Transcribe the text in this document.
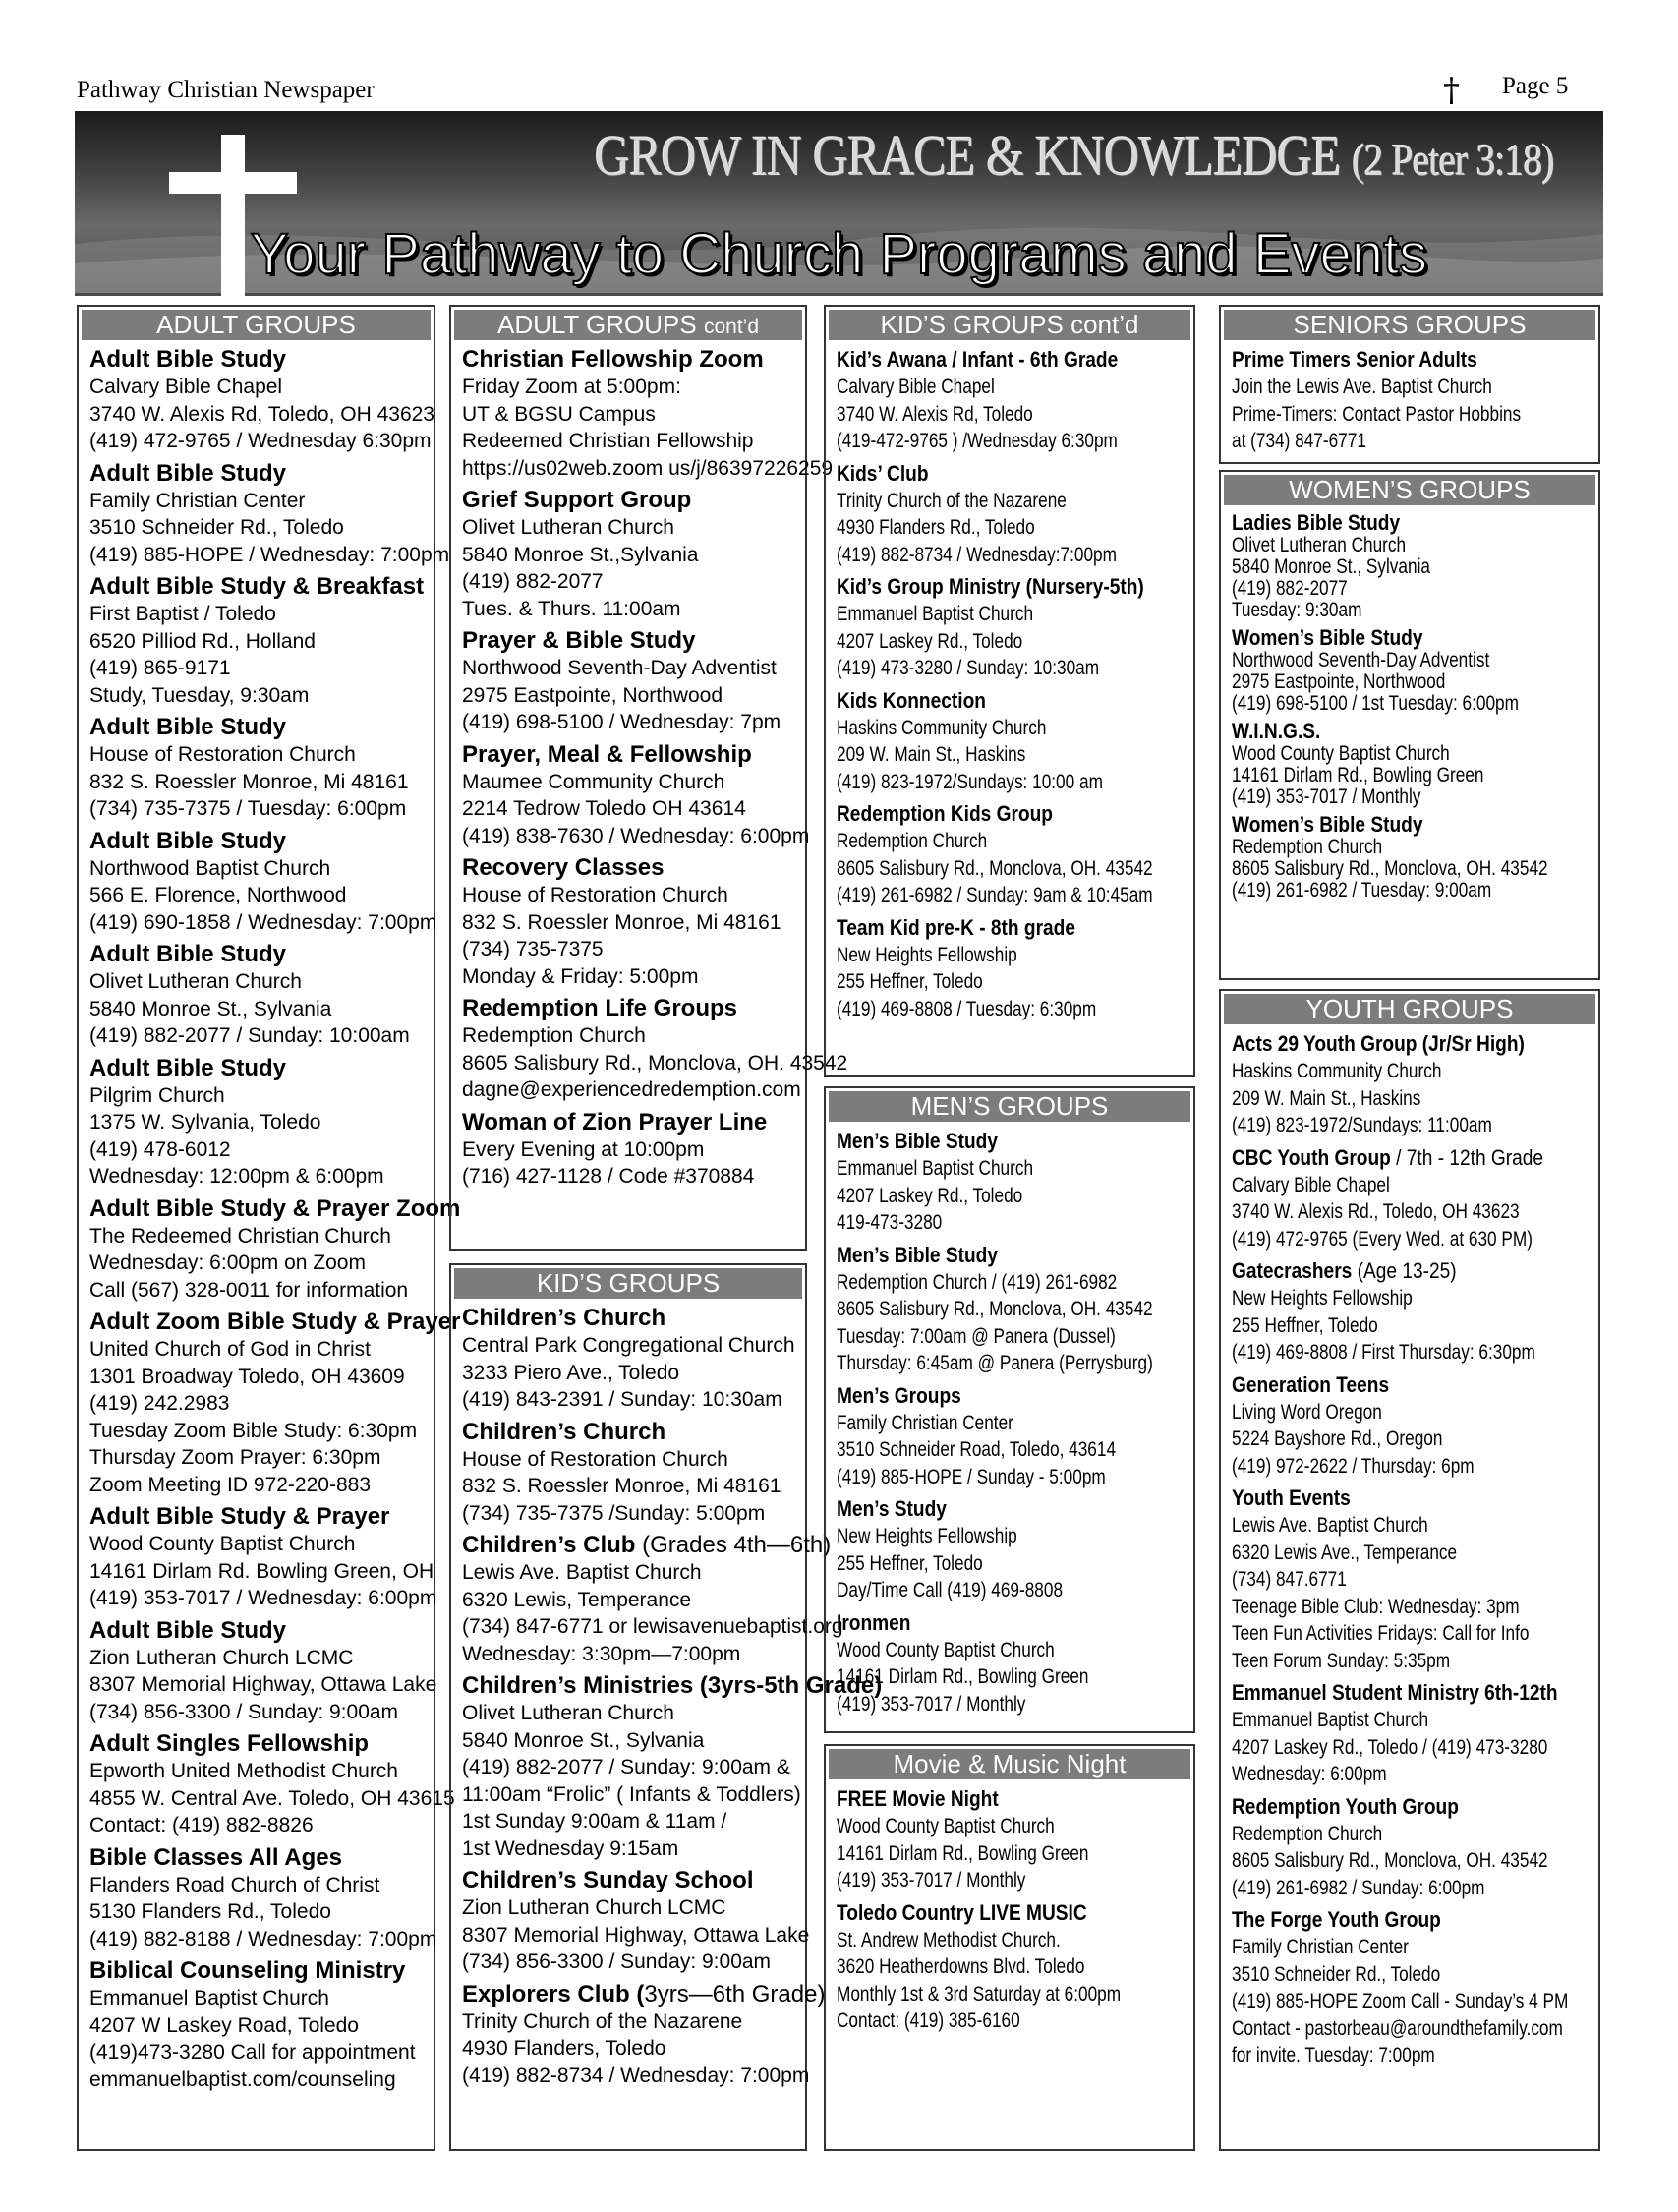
Pathway Christian Newspaper	† Page 5
GROW IN GRACE & KNOWLEDGE (2 Peter 3:18)
Your Pathway to Church Programs and Events
ADULT GROUPS
Adult Bible Study
Calvary Bible Chapel
3740 W. Alexis Rd, Toledo, OH 43623
(419) 472-9765 / Wednesday 6:30pm
Adult Bible Study
Family Christian Center
3510 Schneider Rd., Toledo
(419) 885-HOPE / Wednesday: 7:00pm
Adult Bible Study & Breakfast
First Baptist / Toledo
6520 Pilliod Rd., Holland
(419) 865-9171
Study, Tuesday, 9:30am
Adult Bible Study
House of Restoration Church
832 S. Roessler Monroe, Mi 48161
(734) 735-7375 / Tuesday: 6:00pm
Adult Bible Study
Northwood Baptist Church
566 E. Florence, Northwood
(419) 690-1858 / Wednesday: 7:00pm
Adult Bible Study
Olivet Lutheran Church
5840 Monroe St., Sylvania
(419) 882-2077 / Sunday: 10:00am
Adult Bible Study
Pilgrim Church
1375 W. Sylvania, Toledo
(419) 478-6012
Wednesday: 12:00pm & 6:00pm
Adult Bible Study & Prayer Zoom
The Redeemed Christian Church
Wednesday: 6:00pm on Zoom
Call (567) 328-0011 for information
Adult Zoom Bible Study & Prayer
United Church of God in Christ
1301 Broadway Toledo, OH 43609
(419) 242.2983
Tuesday Zoom Bible Study: 6:30pm
Thursday Zoom Prayer: 6:30pm
Zoom Meeting ID 972-220-883
Adult Bible Study & Prayer
Wood County Baptist Church
14161 Dirlam Rd. Bowling Green, OH
(419) 353-7017 / Wednesday: 6:00pm
Adult Bible Study
Zion Lutheran Church LCMC
8307 Memorial Highway, Ottawa Lake
(734) 856-3300 / Sunday: 9:00am
Adult Singles Fellowship
Epworth United Methodist Church
4855 W. Central Ave. Toledo, OH 43615
Contact: (419) 882-8826
Bible Classes All Ages
Flanders Road Church of Christ
5130 Flanders Rd., Toledo
(419) 882-8188 / Wednesday: 7:00pm
Biblical Counseling Ministry
Emmanuel Baptist Church
4207 W Laskey Road, Toledo
(419)473-3280 Call for appointment
emmanuelbaptist.com/counseling
ADULT GROUPS cont’d
Christian Fellowship Zoom
Friday Zoom at 5:00pm:
UT & BGSU Campus
Redeemed Christian Fellowship
https://us02web.zoom us/j/86397226259
Grief Support Group
Olivet Lutheran Church
5840 Monroe St.,Sylvania
(419) 882-2077
Tues. & Thurs. 11:00am
Prayer & Bible Study
Northwood Seventh-Day Adventist
2975 Eastpointe, Northwood
(419) 698-5100 / Wednesday: 7pm
Prayer, Meal & Fellowship
Maumee Community Church
2214 Tedrow Toledo OH 43614
(419) 838-7630 / Wednesday: 6:00pm
Recovery Classes
House of Restoration Church
832 S. Roessler Monroe, Mi 48161
(734) 735-7375
Monday & Friday: 5:00pm
Redemption Life Groups
Redemption Church
8605 Salisbury Rd., Monclova, OH. 43542
dagne@experiencedredemption.com
Woman of Zion Prayer Line
Every Evening at 10:00pm
(716) 427-1128 / Code #370884
KID’S GROUPS
Children’s Church
Central Park Congregational Church
3233 Piero Ave., Toledo
(419) 843-2391 / Sunday: 10:30am
Children’s Church
House of Restoration Church
832 S. Roessler Monroe, Mi 48161
(734) 735-7375 /Sunday: 5:00pm
Children’s Club (Grades 4th—6th)
Lewis Ave. Baptist Church
6320 Lewis, Temperance
(734) 847-6771 or lewisavenuebaptist.org
Wednesday: 3:30pm—7:00pm
Children’s Ministries (3yrs-5th Grade)
Olivet Lutheran Church
5840 Monroe St., Sylvania
(419) 882-2077 / Sunday: 9:00am &
11:00am “Frolic” ( Infants & Toddlers)
1st Sunday 9:00am & 11am /
1st Wednesday 9:15am
Children’s Sunday School
Zion Lutheran Church LCMC
8307 Memorial Highway, Ottawa Lake
(734) 856-3300 / Sunday: 9:00am
Explorers Club (3yrs—6th Grade)
Trinity Church of the Nazarene
4930 Flanders, Toledo
(419) 882-8734 / Wednesday: 7:00pm
KID’S GROUPS cont’d
Kid’s Awana / Infant - 6th Grade
Calvary Bible Chapel
3740 W. Alexis Rd, Toledo
(419-472-9765 ) /Wednesday 6:30pm
Kids’ Club
Trinity Church of the Nazarene
4930 Flanders Rd., Toledo
(419) 882-8734 / Wednesday:7:00pm
Kid’s Group Ministry (Nursery-5th)
Emmanuel Baptist Church
4207 Laskey Rd., Toledo
(419) 473-3280 / Sunday: 10:30am
Kids Konnection
Haskins Community Church
209 W. Main St., Haskins
(419) 823-1972/Sundays: 10:00 am
Redemption Kids Group
Redemption Church
8605 Salisbury Rd., Monclova, OH. 43542
(419) 261-6982 / Sunday: 9am & 10:45am
Team Kid pre-K - 8th grade
New Heights Fellowship
255 Heffner, Toledo
(419) 469-8808 / Tuesday: 6:30pm
MEN’S GROUPS
Men’s Bible Study
Emmanuel Baptist Church
4207 Laskey Rd., Toledo
419-473-3280
Men’s Bible Study
Redemption Church / (419) 261-6982
8605 Salisbury Rd., Monclova, OH. 43542
Tuesday: 7:00am @ Panera (Dussel)
Thursday: 6:45am @ Panera (Perrysburg)
Men’s Groups
Family Christian Center
3510 Schneider Road, Toledo, 43614
(419) 885-HOPE / Sunday - 5:00pm
Men’s Study
New Heights Fellowship
255 Heffner, Toledo
Day/Time Call (419) 469-8808
Ironmen
Wood County Baptist Church
14161 Dirlam Rd., Bowling Green
(419) 353-7017 / Monthly
Movie & Music Night
FREE Movie Night
Wood County Baptist Church
14161 Dirlam Rd., Bowling Green
(419) 353-7017 / Monthly
Toledo Country LIVE MUSIC
St. Andrew Methodist Church.
3620 Heatherdowns Blvd. Toledo
Monthly 1st & 3rd Saturday at 6:00pm
Contact: (419) 385-6160
SENIORS GROUPS
Prime Timers Senior Adults
Join the Lewis Ave. Baptist Church
Prime-Timers: Contact Pastor Hobbins
at (734) 847-6771
WOMEN’S GROUPS
Ladies Bible Study
Olivet Lutheran Church
5840 Monroe St., Sylvania
(419) 882-2077
Tuesday: 9:30am
Women’s Bible Study
Northwood Seventh-Day Adventist
2975 Eastpointe, Northwood
(419) 698-5100 / 1st Tuesday: 6:00pm
W.I.N.G.S.
Wood County Baptist Church
14161 Dirlam Rd., Bowling Green
(419) 353-7017 / Monthly
Women’s Bible Study
Redemption Church
8605 Salisbury Rd., Monclova, OH. 43542
(419) 261-6982 / Tuesday: 9:00am
YOUTH GROUPS
Acts 29 Youth Group (Jr/Sr High)
Haskins Community Church
209 W. Main St., Haskins
(419) 823-1972/Sundays: 11:00am
CBC Youth Group / 7th - 12th Grade
Calvary Bible Chapel
3740 W. Alexis Rd., Toledo, OH 43623
(419) 472-9765 (Every Wed. at 630 PM)
Gatecrashers (Age 13-25)
New Heights Fellowship
255 Heffner, Toledo
(419) 469-8808 / First Thursday: 6:30pm
Generation Teens
Living Word Oregon
5224 Bayshore Rd., Oregon
(419) 972-2622 / Thursday: 6pm
Youth Events
Lewis Ave. Baptist Church
6320 Lewis Ave., Temperance
(734) 847.6771
Teenage Bible Club: Wednesday: 3pm
Teen Fun Activities Fridays: Call for Info
Teen Forum Sunday: 5:35pm
Emmanuel Student Ministry 6th-12th
Emmanuel Baptist Church
4207 Laskey Rd., Toledo / (419) 473-3280
Wednesday: 6:00pm
Redemption Youth Group
Redemption Church
8605 Salisbury Rd., Monclova, OH. 43542
(419) 261-6982 / Sunday: 6:00pm
The Forge Youth Group
Family Christian Center
3510 Schneider Rd., Toledo
(419) 885-HOPE Zoom Call - Sunday’s 4 PM
Contact - pastorbeau@aroundthefamily.com
for invite. Tuesday: 7:00pm
